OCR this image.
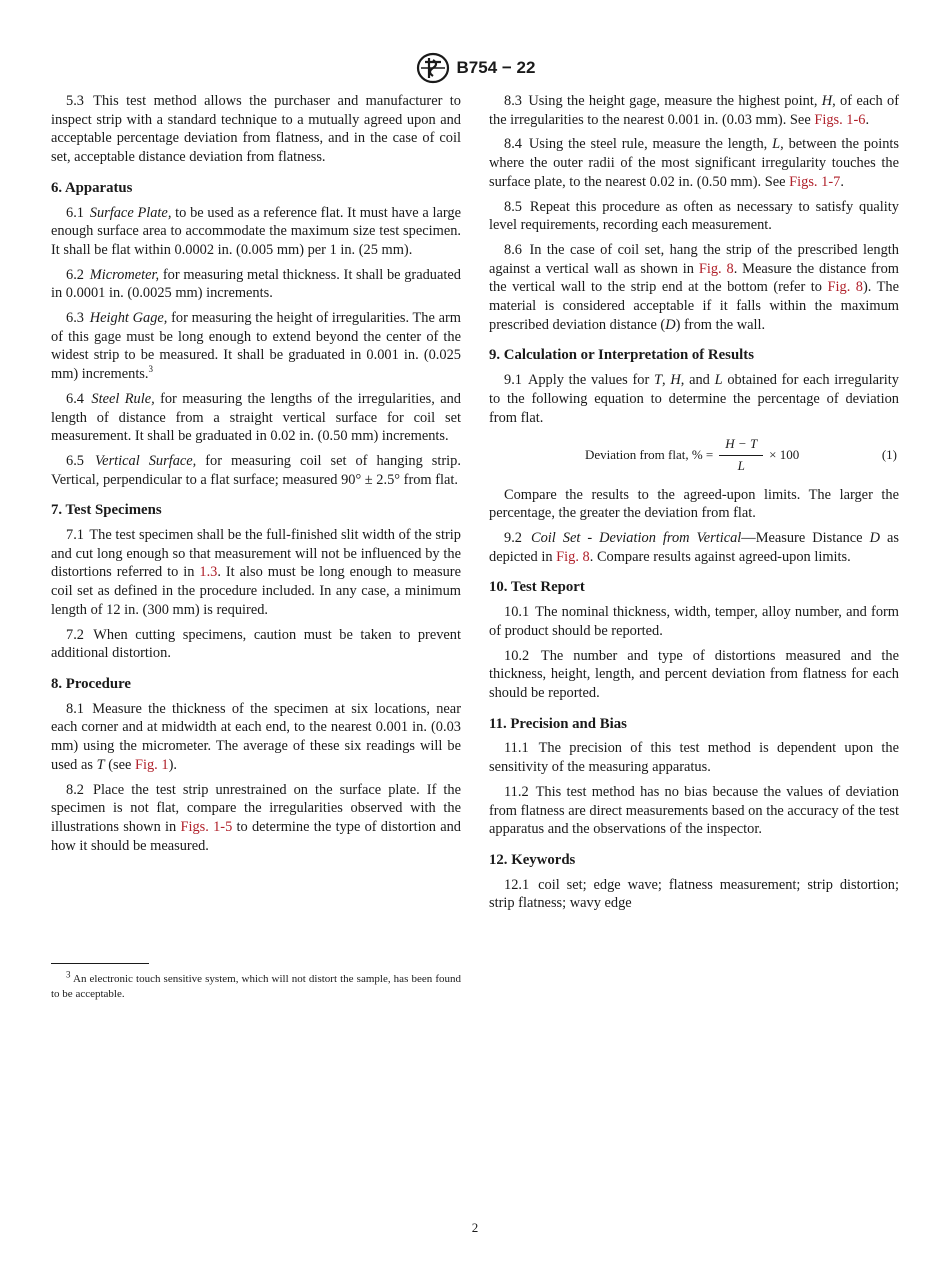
B754 − 22

5.3 This test method allows the purchaser and manufacturer to inspect strip with a standard technique to a mutually agreed upon and acceptable percentage deviation from flatness, and in the case of coil set, acceptable distance deviation from flatness.

6. Apparatus

6.1 Surface Plate, to be used as a reference flat. It must have a large enough surface area to accommodate the maximum size test specimen. It shall be flat within 0.0002 in. (0.005 mm) per 1 in. (25 mm).

6.2 Micrometer, for measuring metal thickness. It shall be graduated in 0.0001 in. (0.0025 mm) increments.

6.3 Height Gage, for measuring the height of irregularities. The arm of this gage must be long enough to extend beyond the center of the widest strip to be measured. It shall be graduated in 0.001 in. (0.025 mm) increments.$^3$

6.4 Steel Rule, for measuring the lengths of the irregularities, and length of distance from a straight vertical surface for coil set measurement. It shall be graduated in 0.02 in. (0.50 mm) increments.

6.5 Vertical Surface, for measuring coil set of hanging strip. Vertical, perpendicular to a flat surface; measured 90° ± 2.5° from flat.

7. Test Specimens

7.1 The test specimen shall be the full-finished slit width of the strip and cut long enough so that measurement will not be influenced by the distortions referred to in 1.3. It also must be long enough to measure coil set as defined in the procedure included. In any case, a minimum length of 12 in. (300 mm) is required.

7.2 When cutting specimens, caution must be taken to prevent additional distortion.

8. Procedure

8.1 Measure the thickness of the specimen at six locations, near each corner and at midwidth at each end, to the nearest 0.001 in. (0.03 mm) using the micrometer. The average of these six readings will be used as T (see Fig. 1).

8.2 Place the test strip unrestrained on the surface plate. If the specimen is not flat, compare the irregularities observed with the illustrations shown in Figs. 1-5 to determine the type of distortion and how it should be measured.

$^3$ An electronic touch sensitive system, which will not distort the sample, has been found to be acceptable.

8.3 Using the height gage, measure the highest point, H, of each of the irregularities to the nearest 0.001 in. (0.03 mm). See Figs. 1-6.

8.4 Using the steel rule, measure the length, L, between the points where the outer radii of the most significant irregularity touches the surface plate, to the nearest 0.02 in. (0.50 mm). See Figs. 1-7.

8.5 Repeat this procedure as often as necessary to satisfy quality level requirements, recording each measurement.

8.6 In the case of coil set, hang the strip of the prescribed length against a vertical wall as shown in Fig. 8. Measure the distance from the vertical wall to the strip end at the bottom (refer to Fig. 8). The material is considered acceptable if it falls within the maximum prescribed deviation distance (D) from the wall.

9. Calculation or Interpretation of Results

9.1 Apply the values for T, H, and L obtained for each irregularity to the following equation to determine the percentage of deviation from flat.

Deviation from flat, % = $\frac{H - T}{L} \times 100$	(1)

Compare the results to the agreed-upon limits. The larger the percentage, the greater the deviation from flat.

9.2 Coil Set - Deviation from Vertical—Measure Distance D as depicted in Fig. 8. Compare results against agreed-upon limits.

10. Test Report

10.1 The nominal thickness, width, temper, alloy number, and form of product should be reported.

10.2 The number and type of distortions measured and the thickness, height, length, and percent deviation from flatness for each should be reported.

11. Precision and Bias

11.1 The precision of this test method is dependent upon the sensitivity of the measuring apparatus.

11.2 This test method has no bias because the values of deviation from flatness are direct measurements based on the accuracy of the test apparatus and the observations of the inspector.

12. Keywords

12.1 coil set; edge wave; flatness measurement; strip distortion; strip flatness; wavy edge

2
